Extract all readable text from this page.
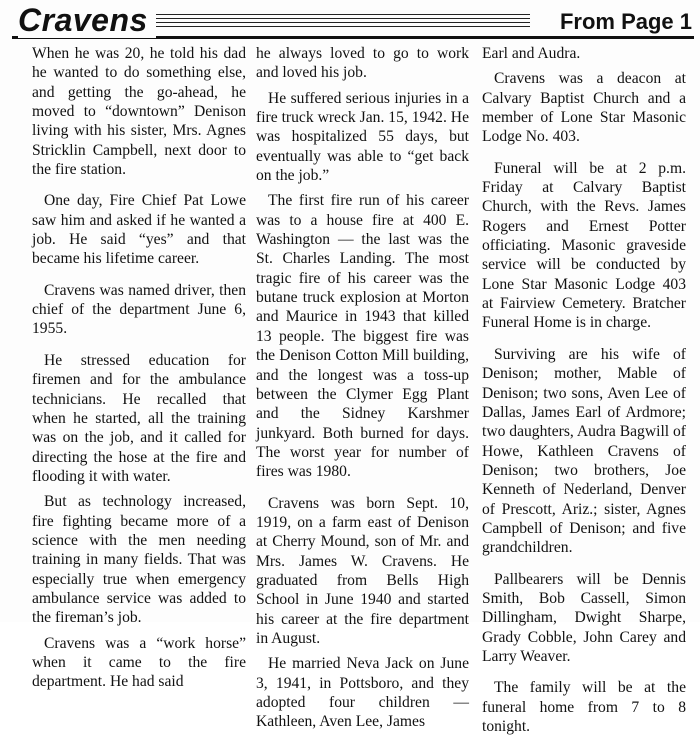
Cravens	From Page 1

When he was 20, he told his dad he wanted to do something else, and getting the go-ahead, he moved to “downtown” Denison living with his sister, Mrs. Agnes Stricklin Campbell, next door to the fire station.

One day, Fire Chief Pat Lowe saw him and asked if he wanted a job. He said “yes” and that became his lifetime career.

Cravens was named driver, then chief of the department June 6, 1955.

He stressed education for firemen and for the ambulance technicians. He recalled that when he started, all the training was on the job, and it called for directing the hose at the fire and flooding it with water.

But as technology increased, fire fighting became more of a science with the men needing training in many fields. That was especially true when emergency ambulance service was added to the fireman’s job.

Cravens was a “work horse” when it came to the fire department. He had said

he always loved to go to work and loved his job.

He suffered serious injuries in a fire truck wreck Jan. 15, 1942. He was hospitalized 55 days, but eventually was able to “get back on the job.”

The first fire run of his career was to a house fire at 400 E. Washington — the last was the St. Charles Landing. The most tragic fire of his career was the butane truck explosion at Morton and Maurice in 1943 that killed 13 people. The biggest fire was the Denison Cotton Mill building, and the longest was a toss-up between the Clymer Egg Plant and the Sidney Karshmer junkyard. Both burned for days. The worst year for number of fires was 1980.

Cravens was born Sept. 10, 1919, on a farm east of Denison at Cherry Mound, son of Mr. and Mrs. James W. Cravens. He graduated from Bells High School in June 1940 and started his career at the fire department in August.

He married Neva Jack on June 3, 1941, in Pottsboro, and they adopted four children — Kathleen, Aven Lee, James

Earl and Audra.

Cravens was a deacon at Calvary Baptist Church and a member of Lone Star Masonic Lodge No. 403.

Funeral will be at 2 p.m. Friday at Calvary Baptist Church, with the Revs. James Rogers and Ernest Potter officiating. Masonic graveside service will be conducted by Lone Star Masonic Lodge 403 at Fairview Cemetery. Bratcher Funeral Home is in charge.

Surviving are his wife of Denison; mother, Mable of Denison; two sons, Aven Lee of Dallas, James Earl of Ardmore; two daughters, Audra Bagwill of Howe, Kathleen Cravens of Denison; two brothers, Joe Kenneth of Nederland, Denver of Prescott, Ariz.; sister, Agnes Campbell of Denison; and five grandchildren.

Pallbearers will be Dennis Smith, Bob Cassell, Simon Dillingham, Dwight Sharpe, Grady Cobble, John Carey and Larry Weaver.

The family will be at the funeral home from 7 to 8 tonight.
